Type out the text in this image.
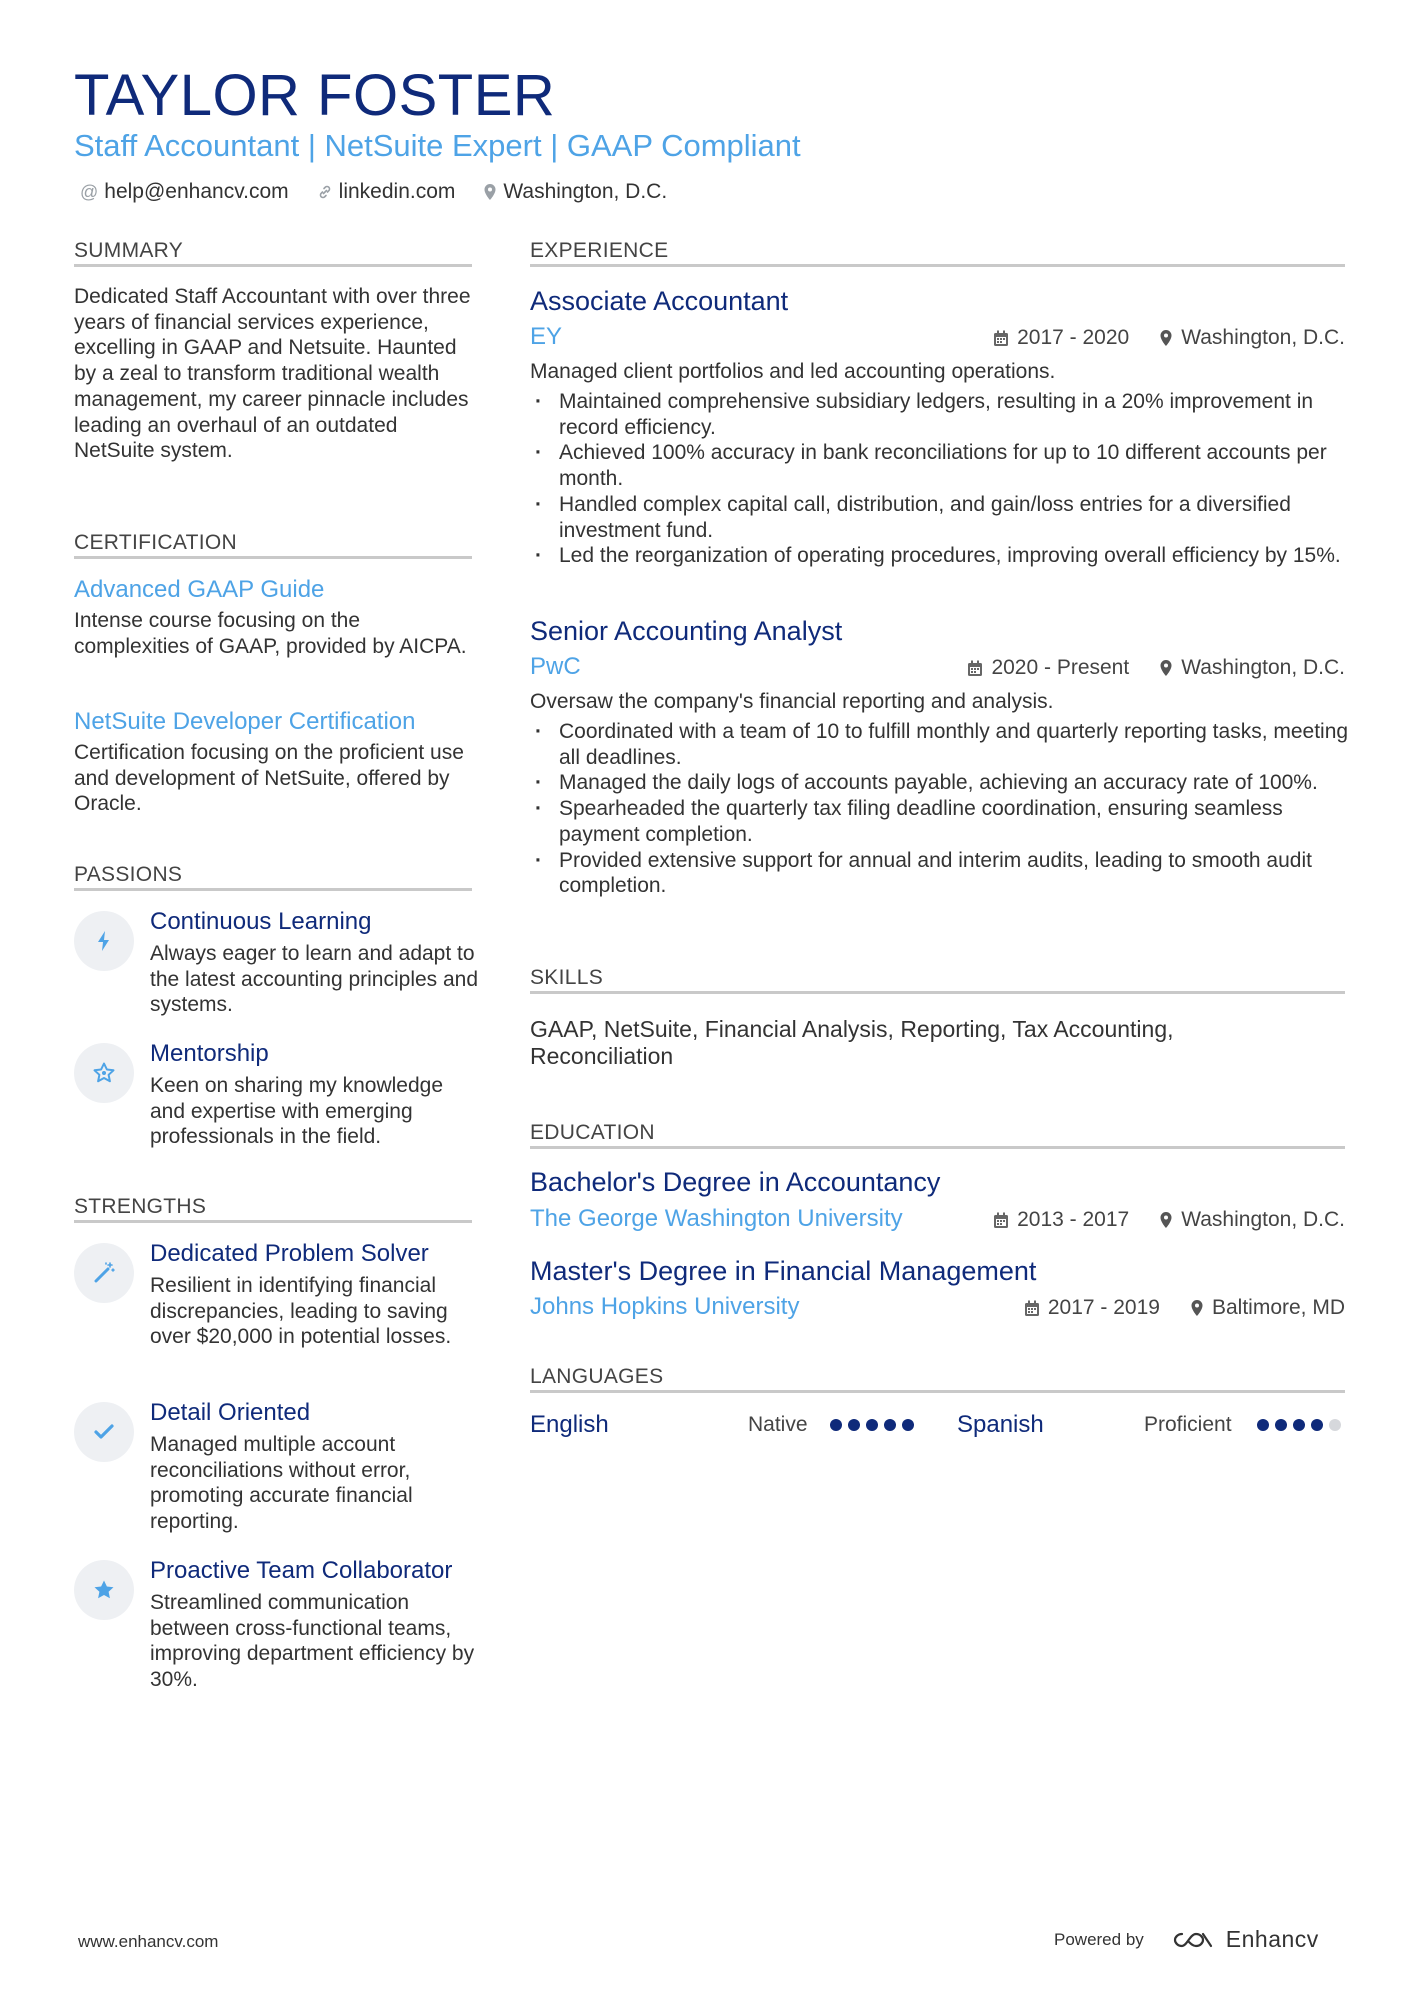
TAYLOR FOSTER
Staff Accountant | NetSuite Expert | GAAP Compliant
@ help@enhancv.com linkedin.com Washington, D.C.
SUMMARY
Dedicated Staff Accountant with over three years of financial services experience, excelling in GAAP and Netsuite. Haunted by a zeal to transform traditional wealth management, my career pinnacle includes leading an overhaul of an outdated NetSuite system.
CERTIFICATION
Advanced GAAP Guide
Intense course focusing on the complexities of GAAP, provided by AICPA.
NetSuite Developer Certification
Certification focusing on the proficient use and development of NetSuite, offered by Oracle.
PASSIONS
Continuous Learning
Always eager to learn and adapt to the latest accounting principles and systems.
Mentorship
Keen on sharing my knowledge and expertise with emerging professionals in the field.
STRENGTHS
Dedicated Problem Solver
Resilient in identifying financial discrepancies, leading to saving over $20,000 in potential losses.
Detail Oriented
Managed multiple account reconciliations without error, promoting accurate financial reporting.
Proactive Team Collaborator
Streamlined communication between cross-functional teams, improving department efficiency by 30%.
EXPERIENCE
Associate Accountant
EY	2017 - 2020 Washington, D.C.
Managed client portfolios and led accounting operations.
· Maintained comprehensive subsidiary ledgers, resulting in a 20% improvement in record efficiency.
· Achieved 100% accuracy in bank reconciliations for up to 10 different accounts per month.
· Handled complex capital call, distribution, and gain/loss entries for a diversified investment fund.
· Led the reorganization of operating procedures, improving overall efficiency by 15%.
Senior Accounting Analyst
PwC	2020 - Present Washington, D.C.
Oversaw the company's financial reporting and analysis.
· Coordinated with a team of 10 to fulfill monthly and quarterly reporting tasks, meeting all deadlines.
· Managed the daily logs of accounts payable, achieving an accuracy rate of 100%.
· Spearheaded the quarterly tax filing deadline coordination, ensuring seamless payment completion.
· Provided extensive support for annual and interim audits, leading to smooth audit completion.
SKILLS
GAAP, NetSuite, Financial Analysis, Reporting, Tax Accounting, Reconciliation
EDUCATION
Bachelor's Degree in Accountancy
The George Washington University	2013 - 2017 Washington, D.C.
Master's Degree in Financial Management
Johns Hopkins University	2017 - 2019 Baltimore, MD
LANGUAGES
English	Native	Spanish	Proficient
www.enhancv.com	Powered by	Enhancv
